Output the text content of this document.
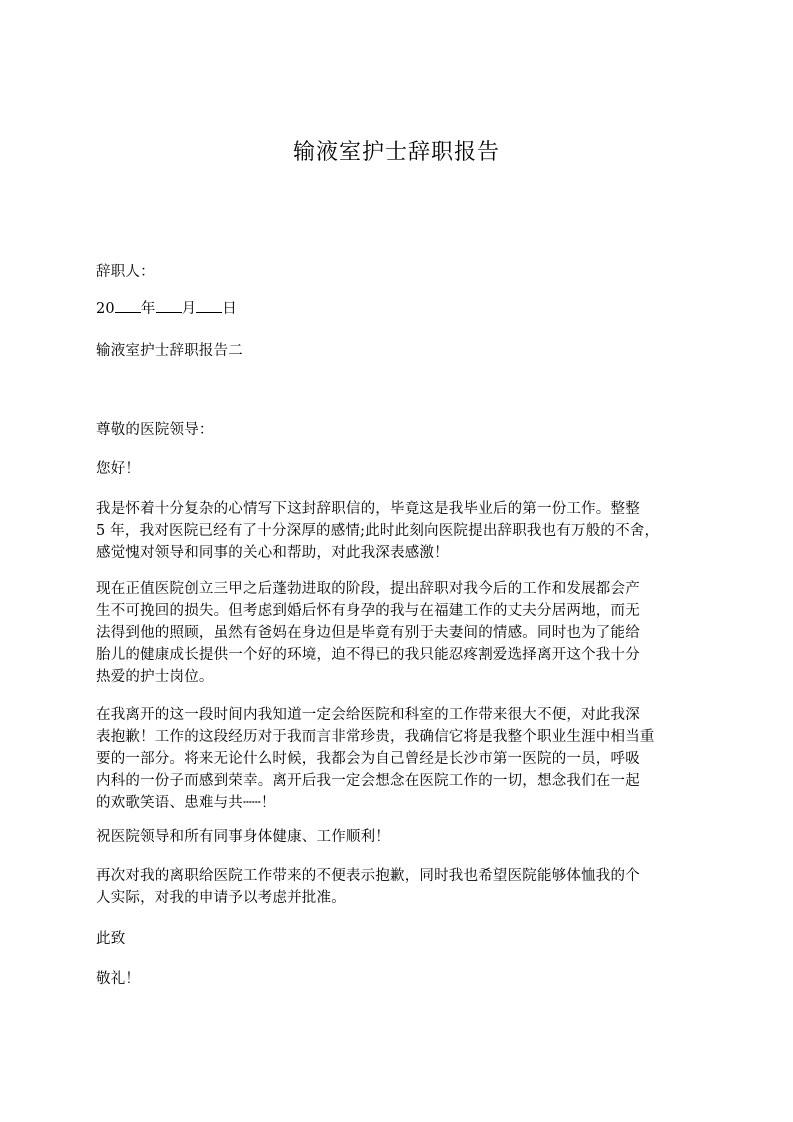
输液室护士辞职报告

辞职人：

20 年 月 日

输液室护士辞职报告二

尊敬的医院领导：

您好！

我是怀着十分复杂的心情写下这封辞职信的，毕竟这是我毕业后的第一份工作。整整
5 年，我对医院已经有了十分深厚的感情;此时此刻向医院提出辞职我也有万般的不舍，
感觉愧对领导和同事的关心和帮助，对此我深表感激！

现在正值医院创立三甲之后蓬勃进取的阶段，提出辞职对我今后的工作和发展都会产
生不可挽回的损失。但考虑到婚后怀有身孕的我与在福建工作的丈夫分居两地，而无
法得到他的照顾，虽然有爸妈在身边但是毕竟有别于夫妻间的情感。同时也为了能给
胎儿的健康成长提供一个好的环境，迫不得已的我只能忍疼割爱选择离开这个我十分
热爱的护士岗位。

在我离开的这一段时间内我知道一定会给医院和科室的工作带来很大不便，对此我深
表抱歉！工作的这段经历对于我而言非常珍贵，我确信它将是我整个职业生涯中相当重
要的一部分。将来无论什么时候，我都会为自己曾经是长沙市第一医院的一员，呼吸
内科的一份子而感到荣幸。离开后我一定会想念在医院工作的一切，想念我们在一起
的欢歌笑语、患难与共┄┄！

祝医院领导和所有同事身体健康、工作顺利！

再次对我的离职给医院工作带来的不便表示抱歉，同时我也希望医院能够体恤我的个
人实际，对我的申请予以考虑并批准。

此致

敬礼！
